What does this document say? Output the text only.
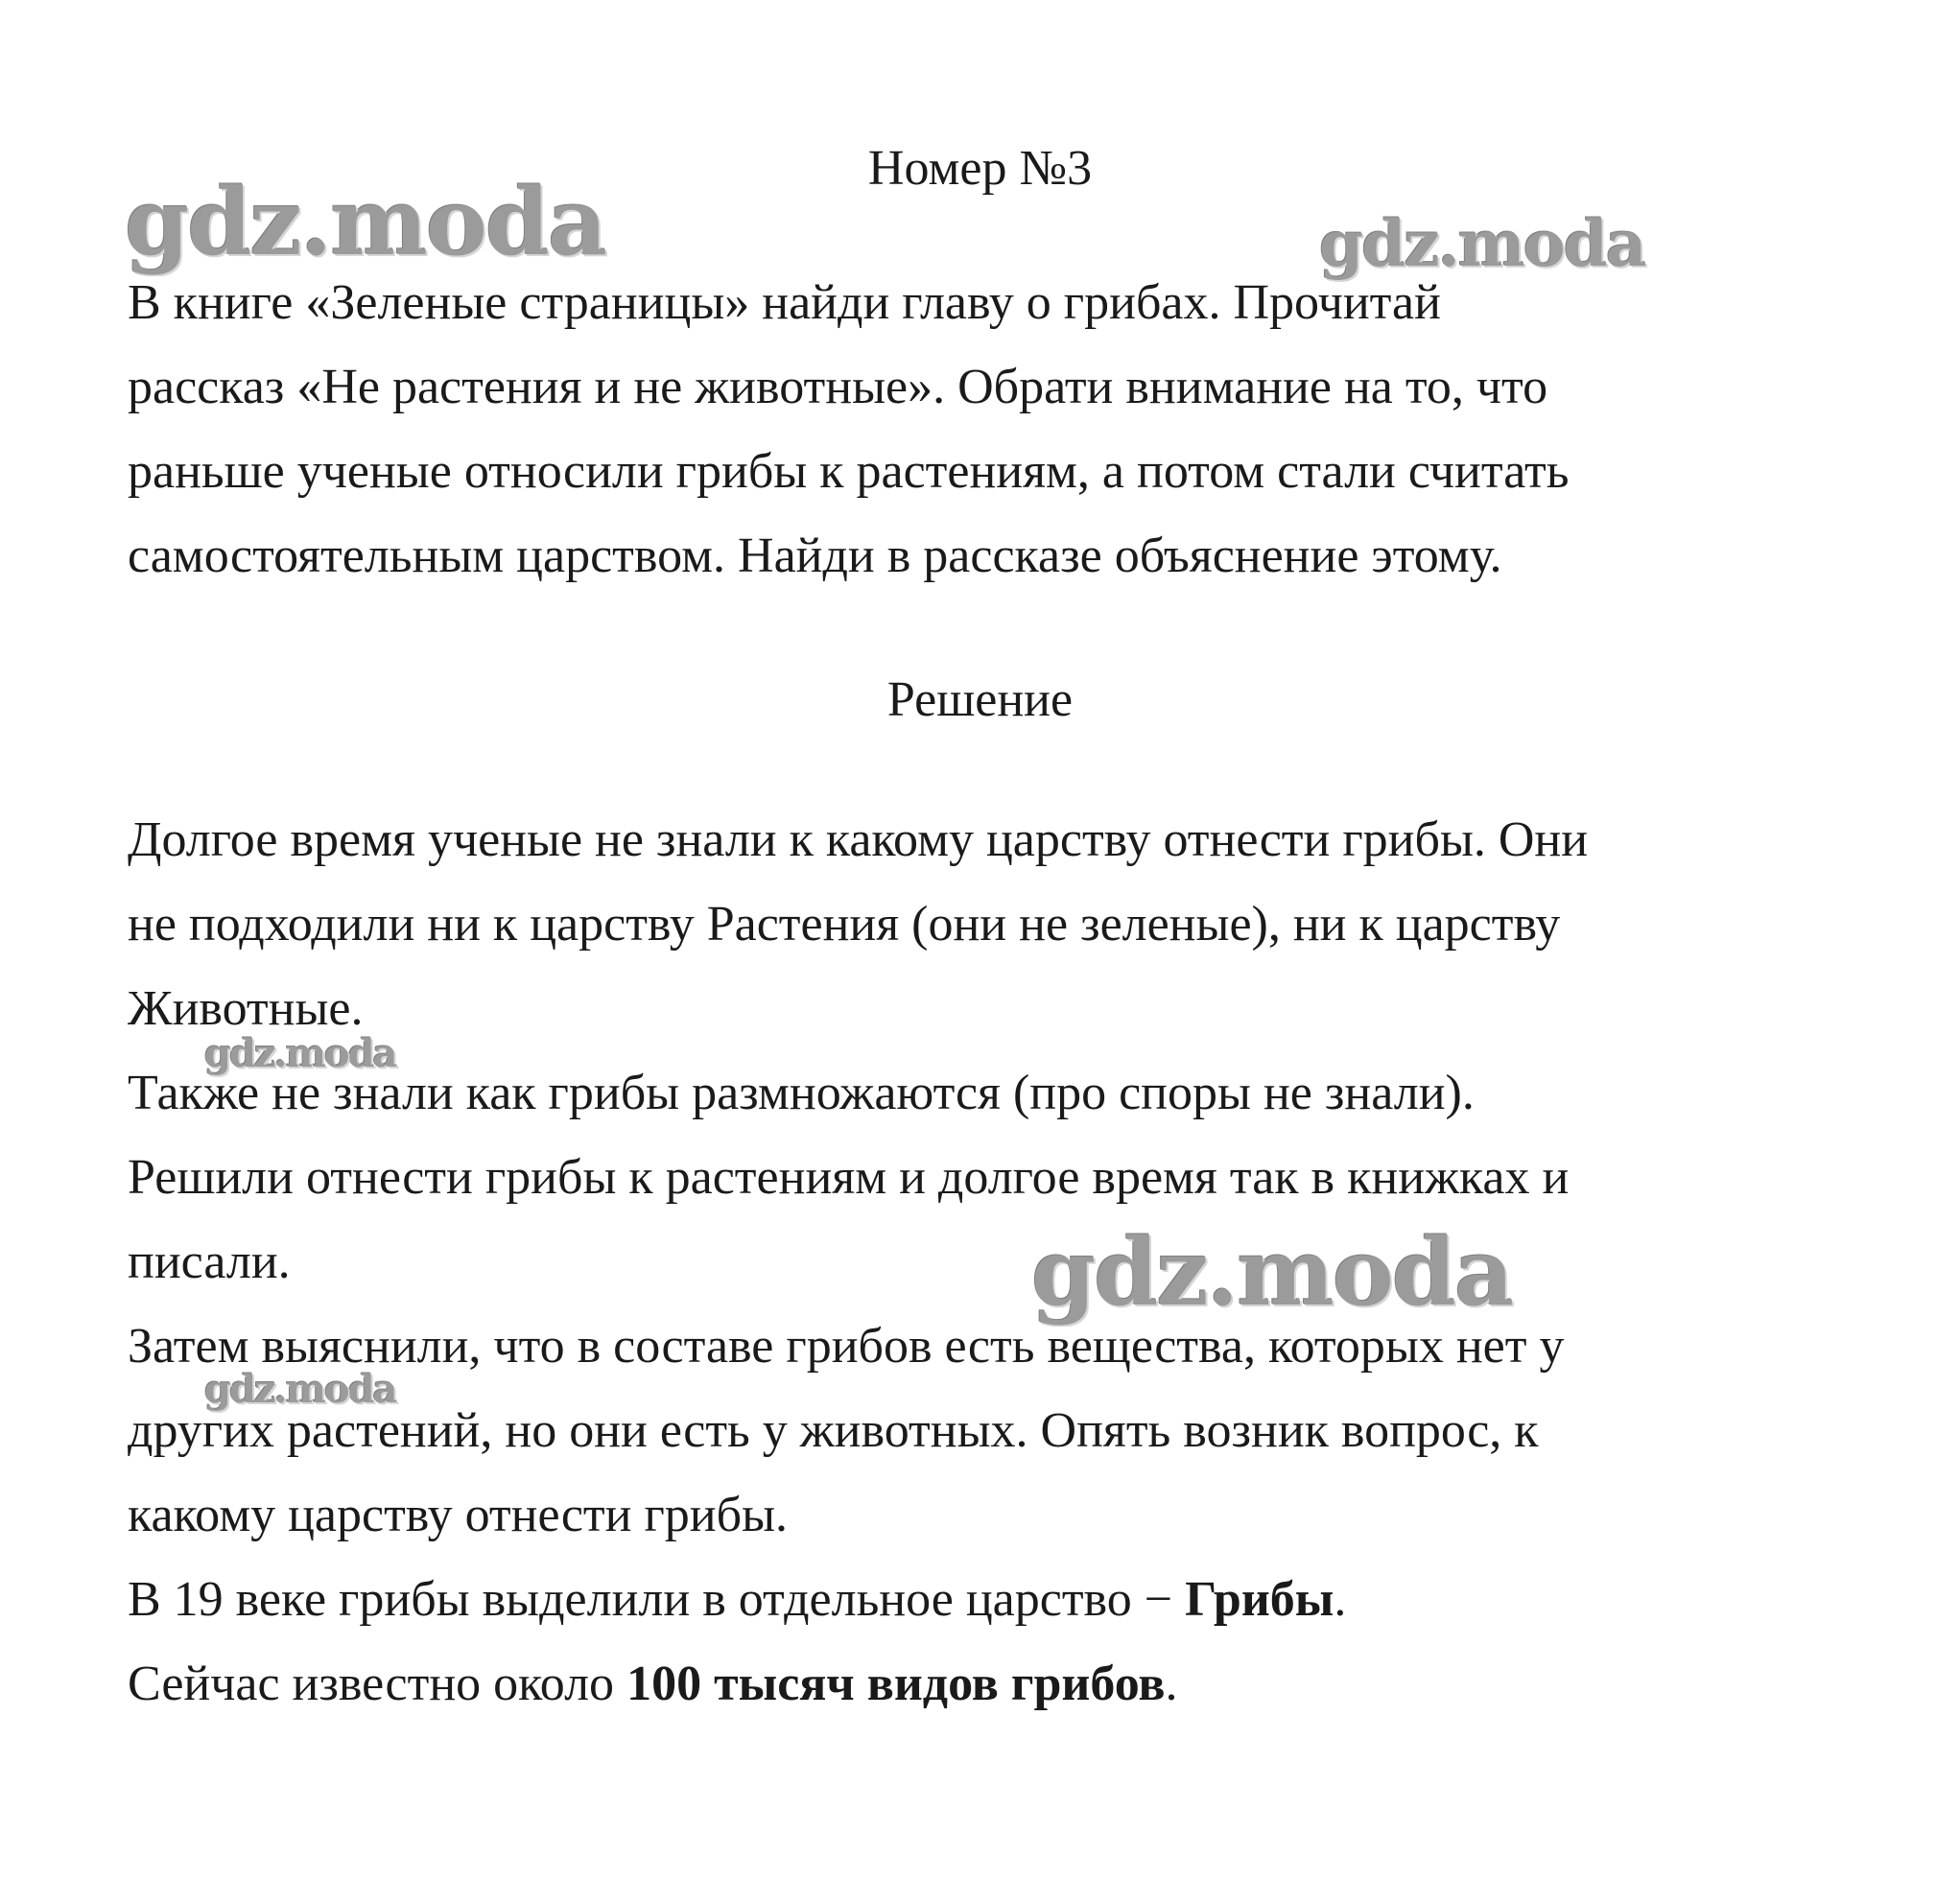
gdz.moda	gdz.moda
gdz.moda
gdz.moda
gdz.moda
Номер №3
В книге «Зеленые страницы» найди главу о грибах. Прочитай
рассказ «Не растения и не животные». Обрати внимание на то, что
раньше ученые относили грибы к растениям, а потом стали считать
самостоятельным царством. Найди в рассказе объяснение этому.
Решение
Долгое время ученые не знали к какому царству отнести грибы. Они
не подходили ни к царству Растения (они не зеленые), ни к царству
Животные.
Также не знали как грибы размножаются (про споры не знали).
Решили отнести грибы к растениям и долгое время так в книжках и
писали.
Затем выяснили, что в составе грибов есть вещества, которых нет у
других растений, но они есть у животных. Опять возник вопрос, к
какому царству отнести грибы.
В 19 веке грибы выделили в отдельное царство − Грибы.
Сейчас известно около 100 тысяч видов грибов.
